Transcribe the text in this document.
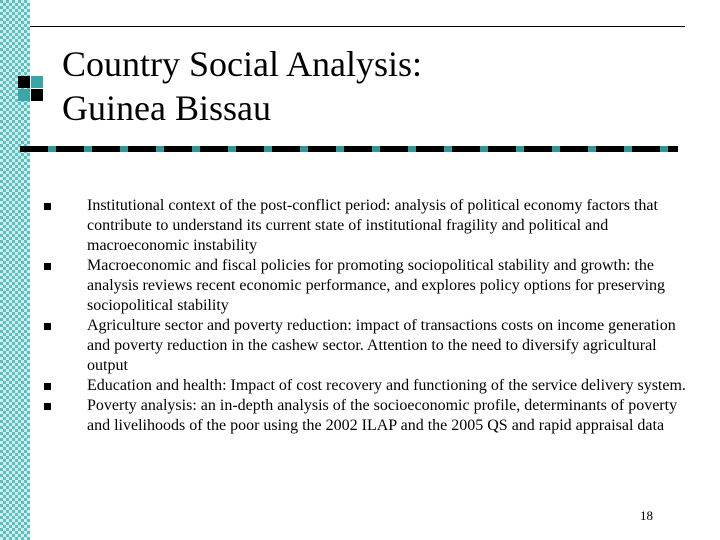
Country Social Analysis:
Guinea Bissau
Institutional context of the post-conflict period: analysis of political economy factors that contribute to understand its current state of institutional fragility and political and macroeconomic instability
Macroeconomic and fiscal policies for promoting sociopolitical stability and growth: the analysis reviews recent economic performance, and explores policy options for preserving sociopolitical stability
Agriculture sector and poverty reduction: impact of transactions costs on income generation and poverty reduction in the cashew sector. Attention to the need to diversify agricultural output
Education and health: Impact of cost recovery and functioning of the service delivery system.
Poverty analysis: an in-depth analysis of the socioeconomic profile, determinants of poverty and livelihoods of the poor using the 2002 ILAP and the 2005 QS and rapid appraisal data
18
